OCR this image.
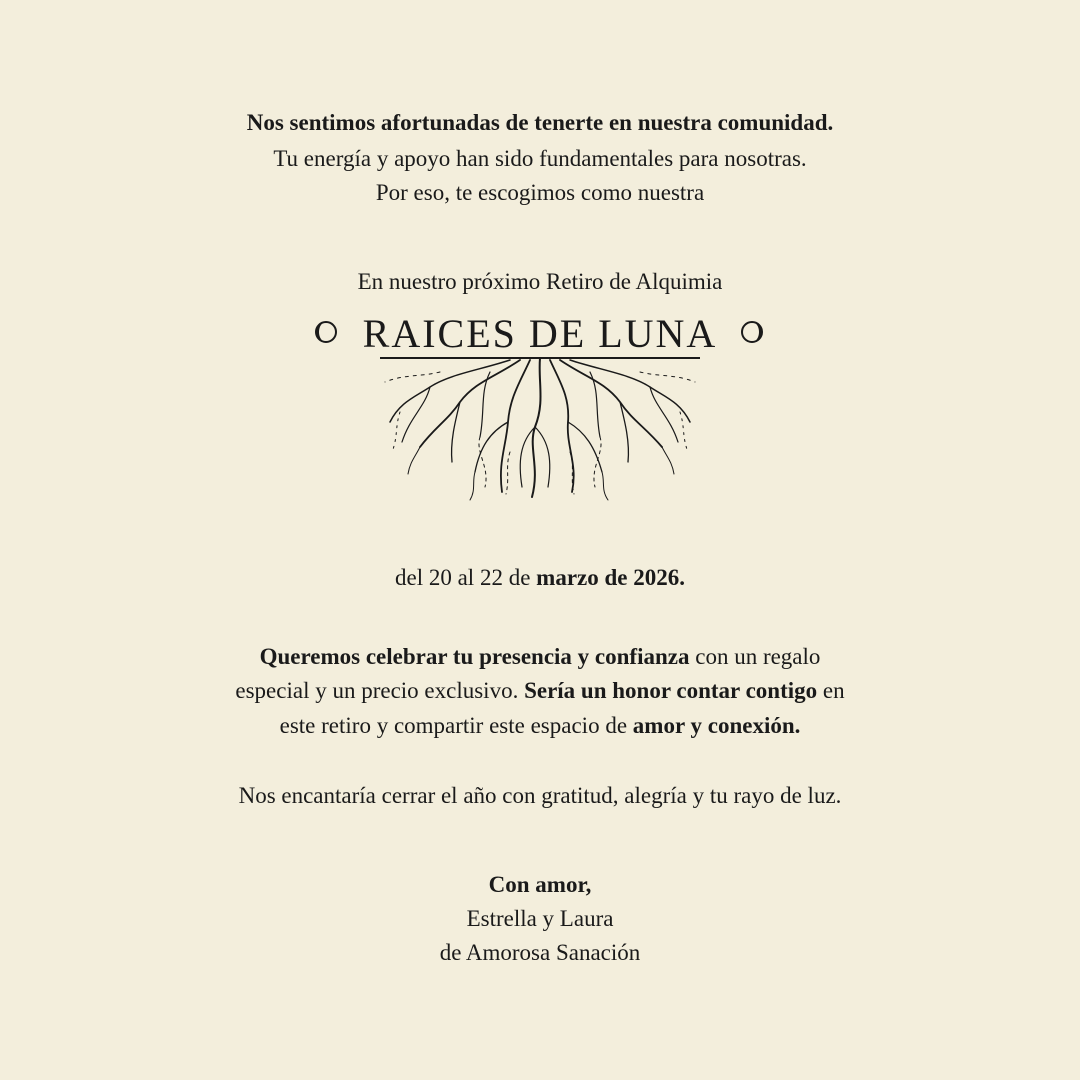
Nos sentimos afortunadas de tenerte en nuestra comunidad.
Tu energía y apoyo han sido fundamentales para nosotras.
Por eso, te escogimos como nuestra
En nuestro próximo Retiro de Alquimia
RAICES DE LUNA
del 20 al 22 de marzo de 2026.
Queremos celebrar tu presencia y confianza con un regalo
especial y un precio exclusivo. Sería un honor contar contigo en
este retiro y compartir este espacio de amor y conexión.
Nos encantaría cerrar el año con gratitud, alegría y tu rayo de luz.
Con amor,
Estrella y Laura
de Amorosa Sanación
